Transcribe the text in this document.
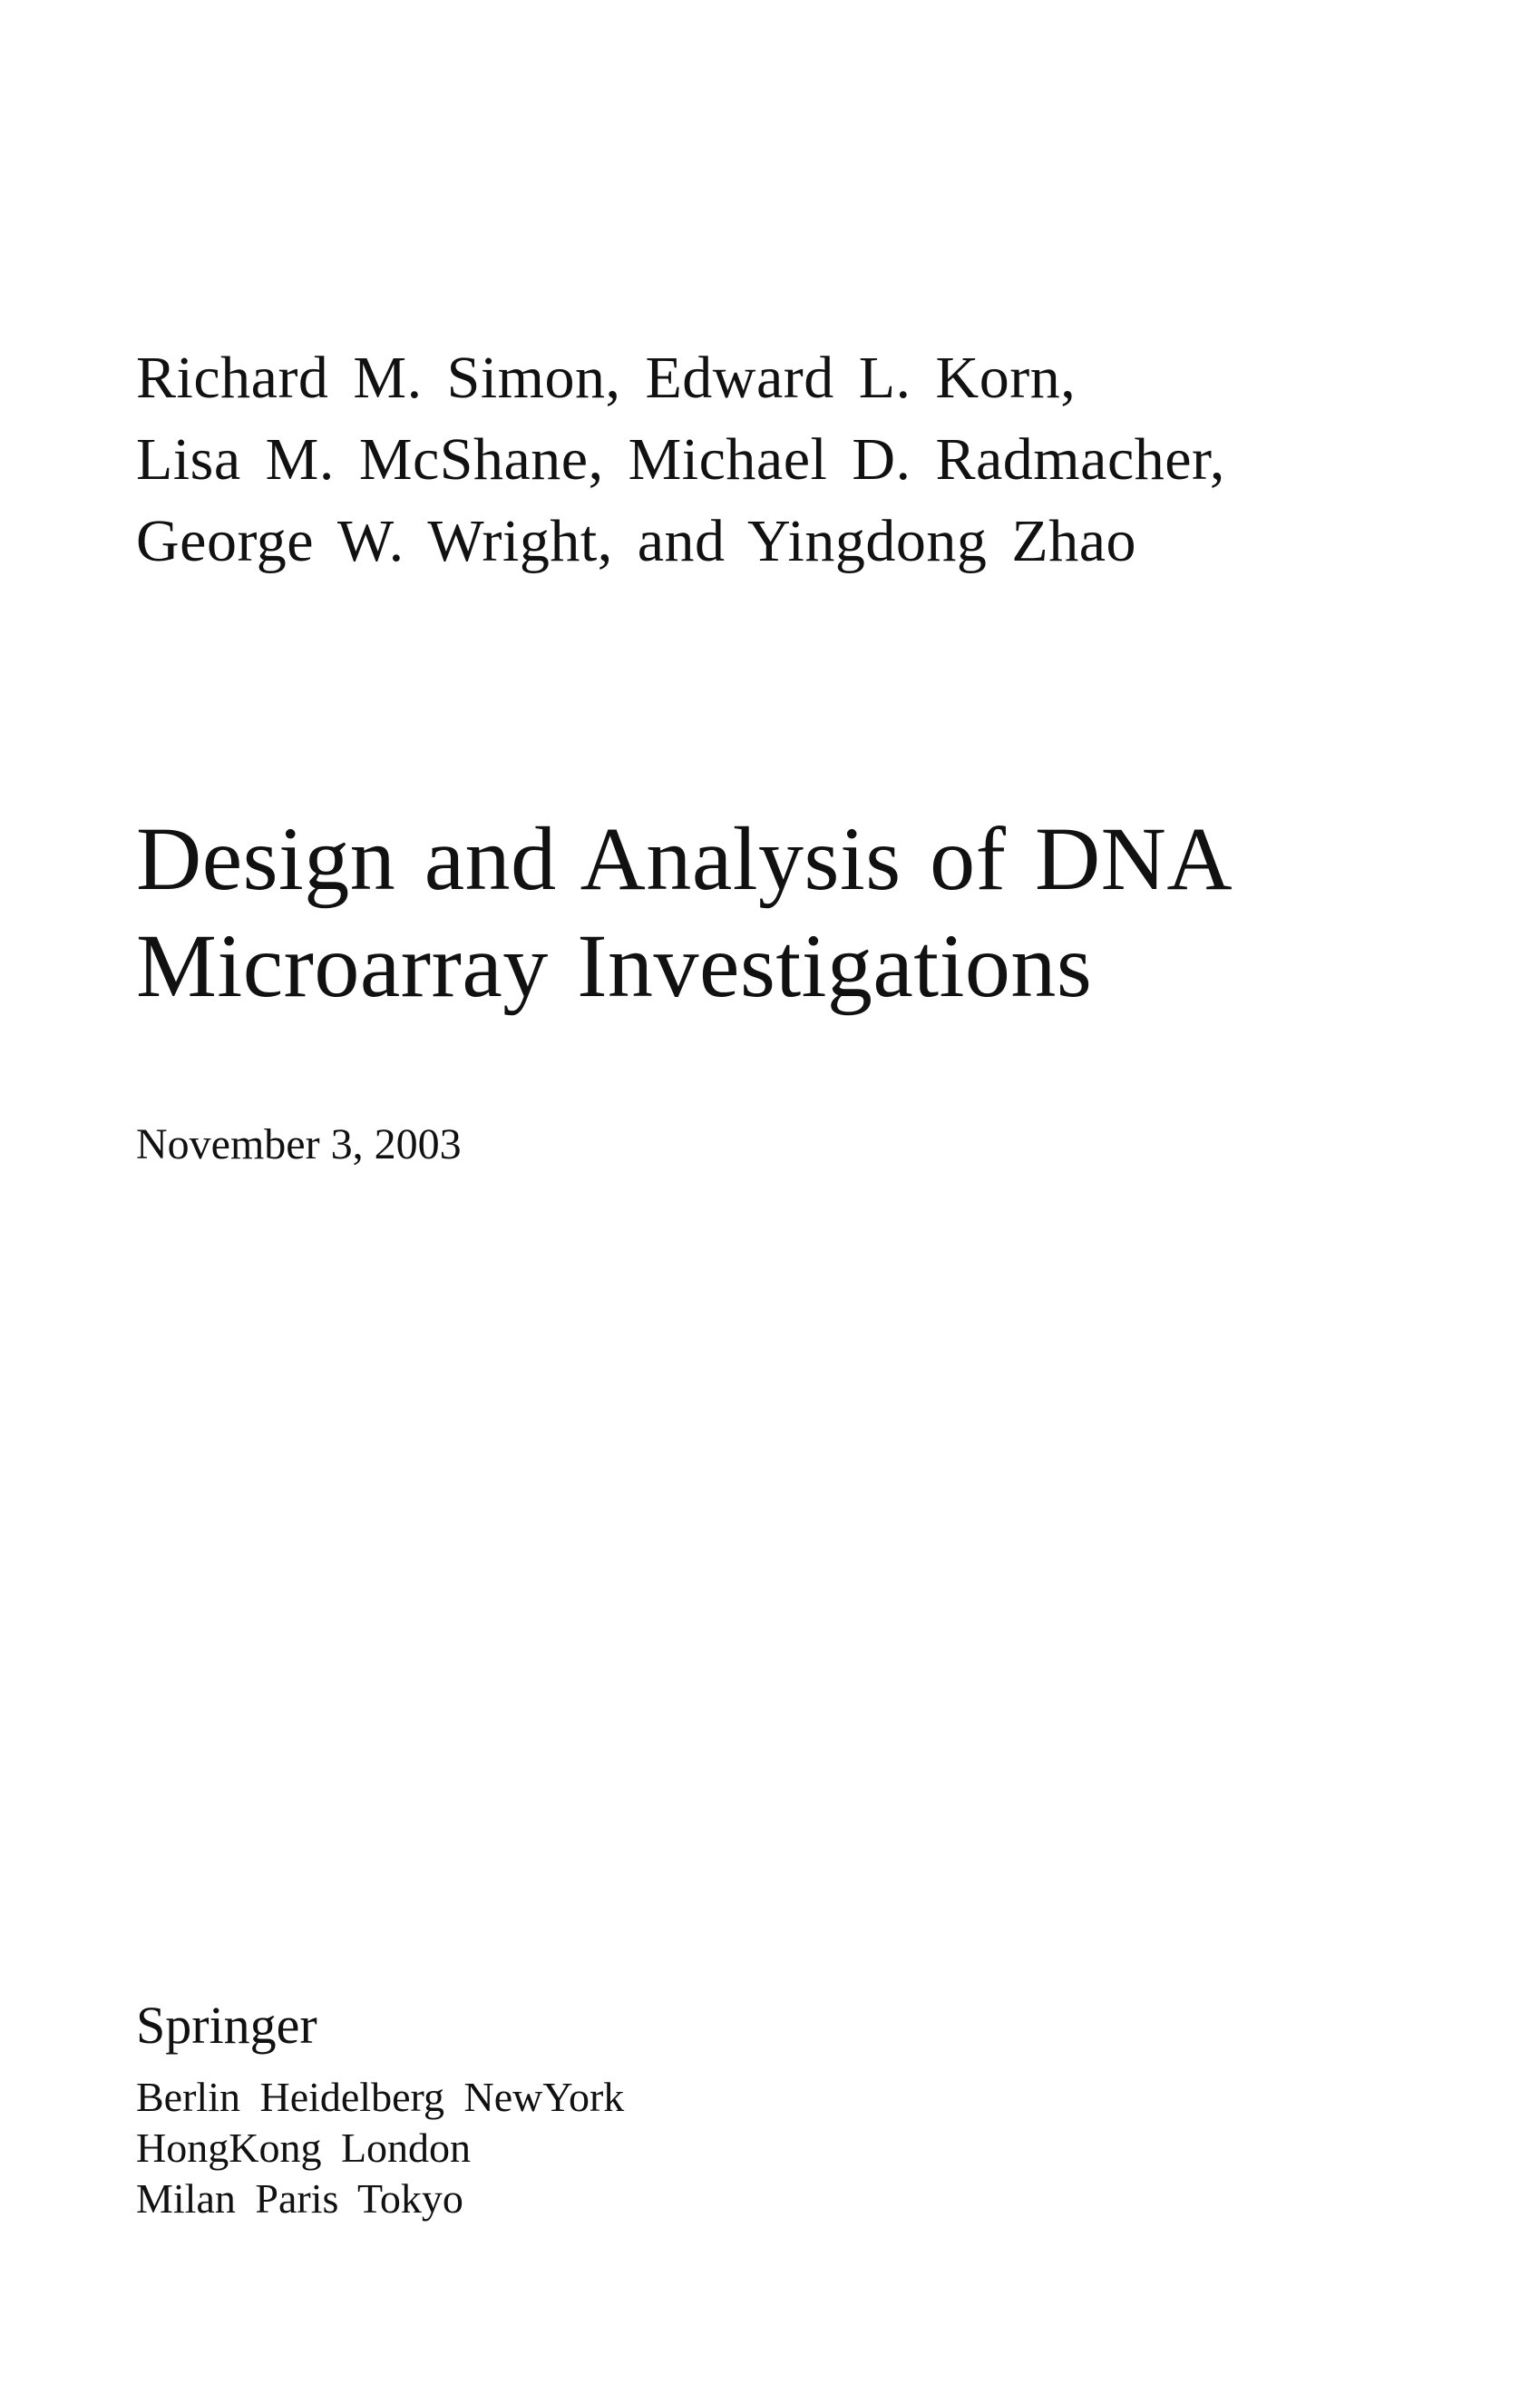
Richard M. Simon, Edward L. Korn,
Lisa M. McShane, Michael D. Radmacher,
George W. Wright, and Yingdong Zhao
Design and Analysis of DNA
Microarray Investigations
November 3, 2003
Springer
Berlin Heidelberg NewYork
HongKong London
Milan Paris Tokyo
